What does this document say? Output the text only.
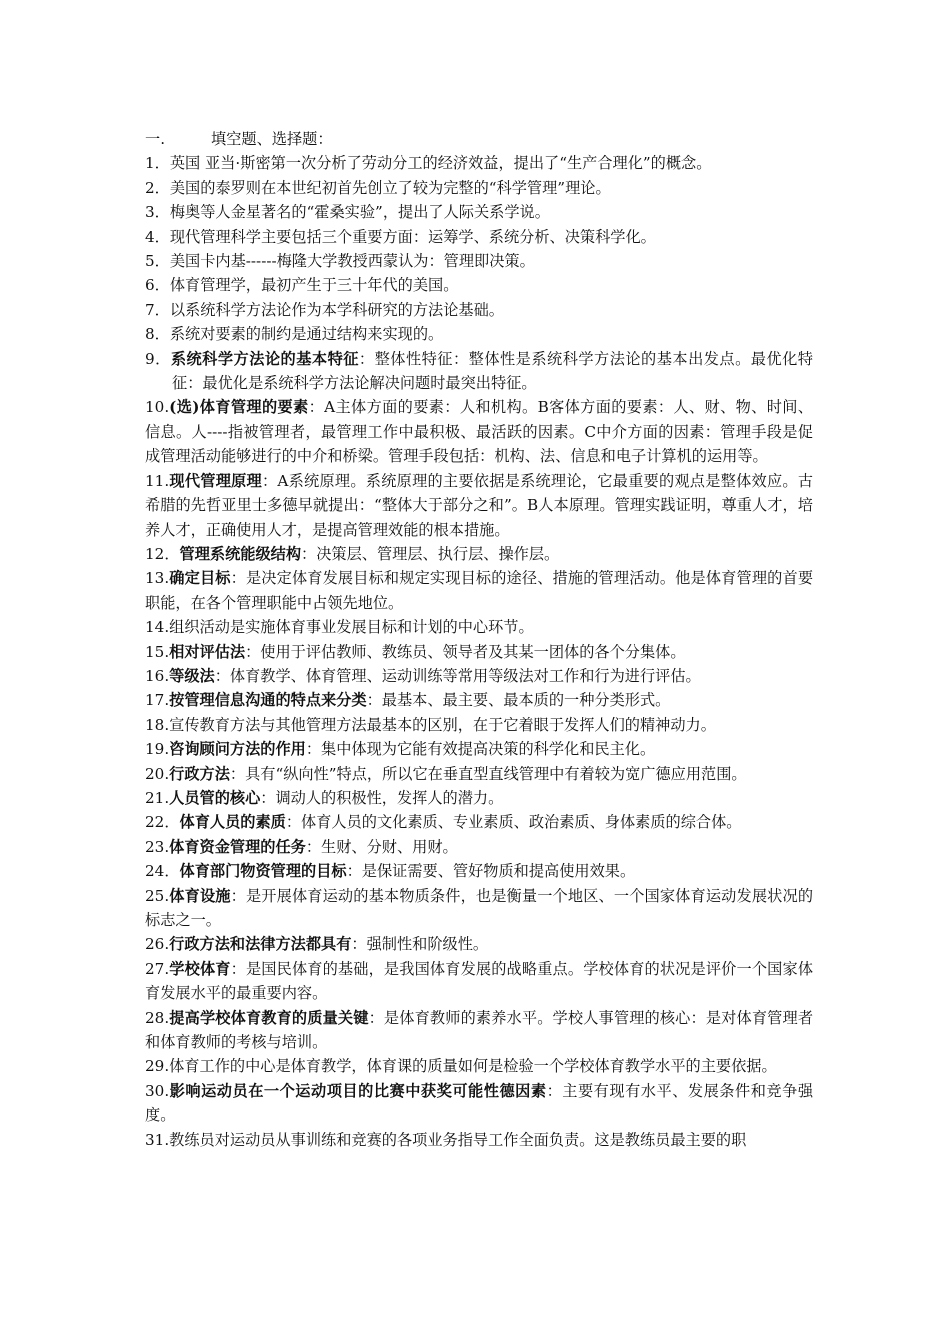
一.	填空题、选择题：
1．英国 亚当·斯密第一次分析了劳动分工的经济效益，提出了“生产合理化”的概念。
2．美国的泰罗则在本世纪初首先创立了较为完整的“科学管理”理论。
3．梅奥等人金星著名的“霍桑实验”，提出了人际关系学说。
4．现代管理科学主要包括三个重要方面：运筹学、系统分析、决策科学化。
5．美国卡内基------梅隆大学教授西蒙认为：管理即决策。
6．体育管理学，最初产生于三十年代的美国。
7．以系统科学方法论作为本学科研究的方法论基础。
8．系统对要素的制约是通过结构来实现的。
9．系统科学方法论的基本特征：整体性特征：整体性是系统科学方法论的基本出发点。最优化特征：最优化是系统科学方法论解决问题时最突出特征。
10.(选)体育管理的要素：A主体方面的要素：人和机构。B客体方面的要素：人、财、物、时间、信息。人----指被管理者，最管理工作中最积极、最活跃的因素。C中介方面的因素：管理手段是促成管理活动能够进行的中介和桥梁。管理手段包括：机构、法、信息和电子计算机的运用等。
11.现代管理原理：A系统原理。系统原理的主要依据是系统理论，它最重要的观点是整体效应。古希腊的先哲亚里士多德早就提出：“整体大于部分之和”。B人本原理。管理实践证明，尊重人才，培养人才，正确使用人才，是提高管理效能的根本措施。
12．管理系统能级结构：决策层、管理层、执行层、操作层。
13.确定目标：是决定体育发展目标和规定实现目标的途径、措施的管理活动。他是体育管理的首要职能，在各个管理职能中占领先地位。
14.组织活动是实施体育事业发展目标和计划的中心环节。
15.相对评估法：使用于评估教师、教练员、领导者及其某一团体的各个分集体。
16.等级法：体育教学、体育管理、运动训练等常用等级法对工作和行为进行评估。
17.按管理信息沟通的特点来分类：最基本、最主要、最本质的一种分类形式。
18.宣传教育方法与其他管理方法最基本的区别，在于它着眼于发挥人们的精神动力。
19.咨询顾问方法的作用：集中体现为它能有效提高决策的科学化和民主化。
20.行政方法：具有“纵向性”特点，所以它在垂直型直线管理中有着较为宽广德应用范围。
21.人员管的核心：调动人的积极性，发挥人的潜力。
22．体育人员的素质：体育人员的文化素质、专业素质、政治素质、身体素质的综合体。
23.体育资金管理的任务：生财、分财、用财。
24．体育部门物资管理的目标：是保证需要、管好物质和提高使用效果。
25.体育设施：是开展体育运动的基本物质条件，也是衡量一个地区、一个国家体育运动发展状况的标志之一。
26.行政方法和法律方法都具有：强制性和阶级性。
27.学校体育：是国民体育的基础，是我国体育发展的战略重点。学校体育的状况是评价一个国家体育发展水平的最重要内容。
28.提高学校体育教育的质量关键：是体育教师的素养水平。学校人事管理的核心：是对体育管理者和体育教师的考核与培训。
29.体育工作的中心是体育教学，体育课的质量如何是检验一个学校体育教学水平的主要依据。
30.影响运动员在一个运动项目的比赛中获奖可能性德因素：主要有现有水平、发展条件和竞争强度。
31.教练员对运动员从事训练和竞赛的各项业务指导工作全面负责。这是教练员最主要的职
